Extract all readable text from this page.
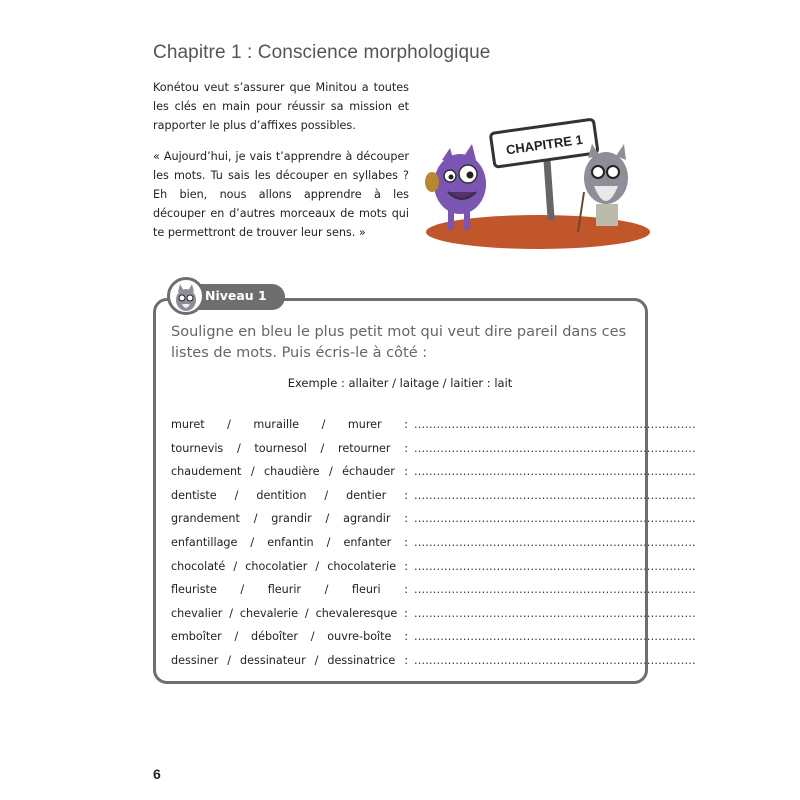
Chapitre 1 : Conscience morphologique

Konétou veut s’assurer que Minitou a toutes les clés en main pour réussir sa mission et rapporter le plus d’affixes possibles.

« Aujourd’hui, je vais t’apprendre à découper les mots. Tu sais les découper en syllabes ? Eh bien, nous allons apprendre à les découper en d’autres morceaux de mots qui te permettront de trouver leur sens. »

CHAPITRE 1
Niveau 1
Souligne en bleu le plus petit mot qui veut dire pareil dans ces listes de mots. Puis écris-le à côté :
Exemple : allaiter / laitage / laitier : lait
muret / muraille / murer : ...........................................................................
tournevis / tournesol / retourner : ...........................................................................
chaudement / chaudière / échauder : ...........................................................................
dentiste / dentition / dentier : ...........................................................................
grandement / grandir / agrandir : ...........................................................................
enfantillage / enfantin / enfanter : ...........................................................................
chocolaté / chocolatier / chocolaterie : ...........................................................................
fleuriste / fleurir / fleuri : ...........................................................................
chevalier / chevalerie / chevaleresque : ...........................................................................
emboîter / déboîter / ouvre-boîte : ...........................................................................
dessiner / dessinateur / dessinatrice : ...........................................................................
6
